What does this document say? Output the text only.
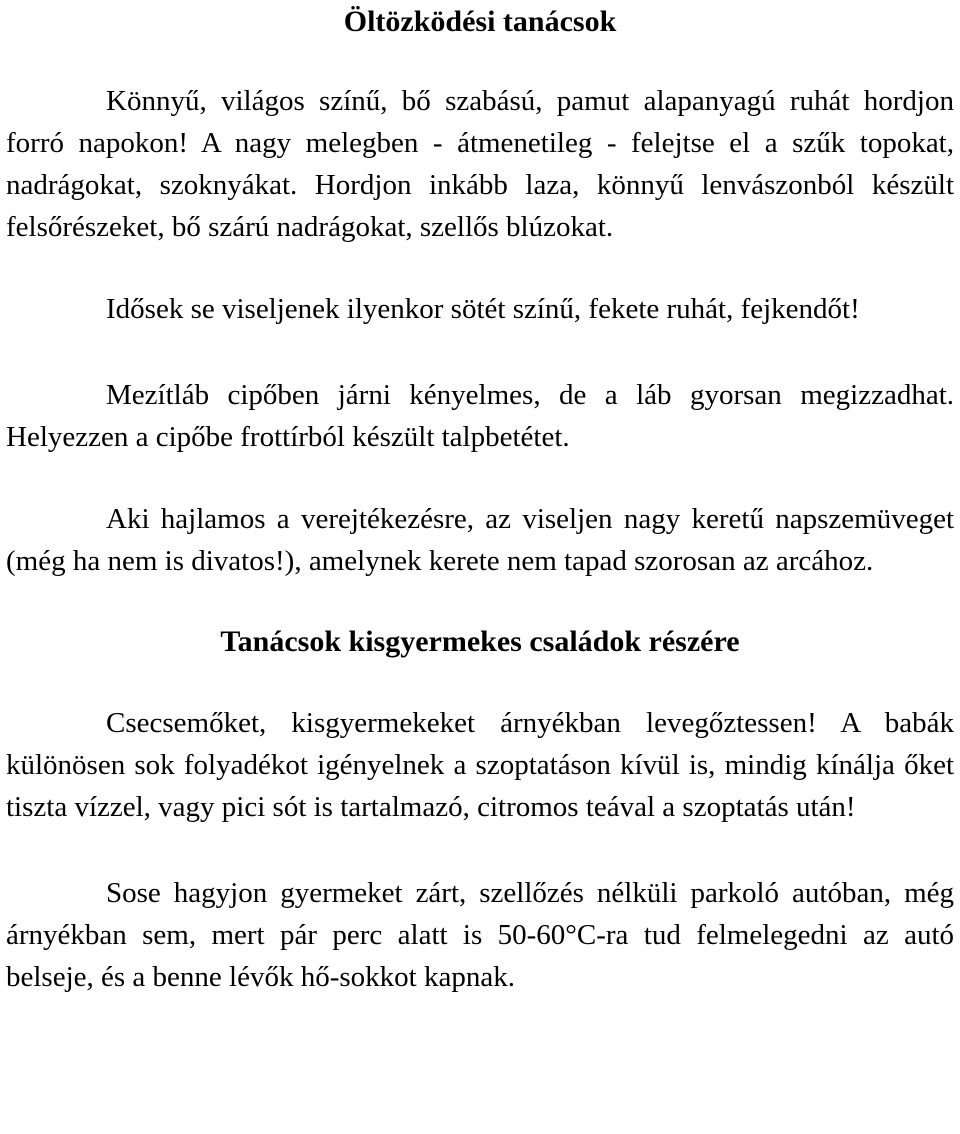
Öltözködési tanácsok

Könnyű, világos színű, bő szabású, pamut alapanyagú ruhát hordjon forró napokon! A nagy melegben - átmenetileg - felejtse el a szűk topokat, nadrágokat, szoknyákat. Hordjon inkább laza, könnyű lenvászonból készült felsőrészeket, bő szárú nadrágokat, szellős blúzokat.

Idősek se viseljenek ilyenkor sötét színű, fekete ruhát, fejkendőt!

Mezítláb cipőben járni kényelmes, de a láb gyorsan megizzadhat. Helyezzen a cipőbe frottírból készült talpbetétet.

Aki hajlamos a verejtékezésre, az viseljen nagy keretű napszemüveget (még ha nem is divatos!), amelynek kerete nem tapad szorosan az arcához.

Tanácsok kisgyermekes családok részére

Csecsemőket, kisgyermekeket árnyékban levegőztessen! A babák különösen sok folyadékot igényelnek a szoptatáson kívül is, mindig kínálja őket tiszta vízzel, vagy pici sót is tartalmazó, citromos teával a szoptatás után!

Sose hagyjon gyermeket zárt, szellőzés nélküli parkoló autóban, még árnyékban sem, mert pár perc alatt is 50-60°C-ra tud felmelegedni az autó belseje, és a benne lévők hő-sokkot kapnak.
